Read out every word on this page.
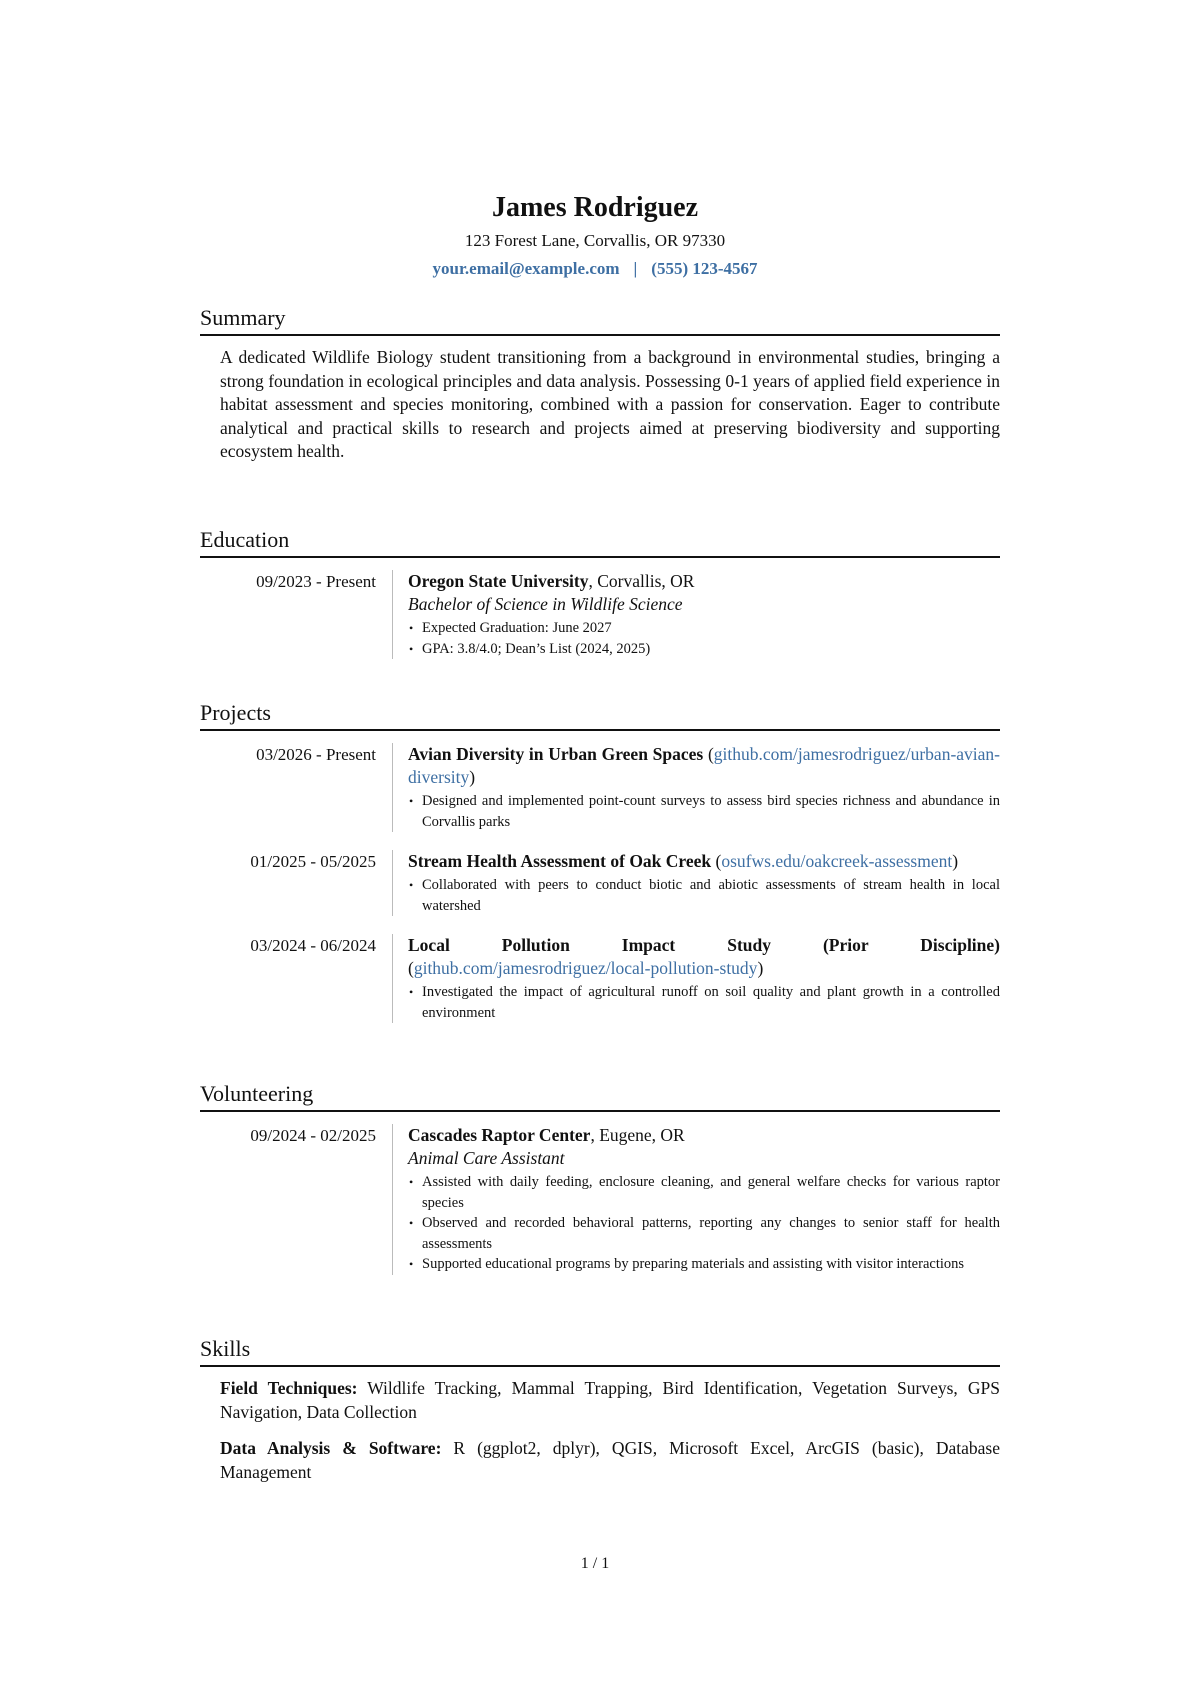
James Rodriguez
123 Forest Lane, Corvallis, OR 97330
your.email@example.com | (555) 123-4567
Summary
A dedicated Wildlife Biology student transitioning from a background in environmental studies, bringing a strong foundation in ecological principles and data analysis. Possessing 0-1 years of applied field experience in habitat assessment and species monitoring, combined with a passion for conservation. Eager to contribute analytical and practical skills to research and projects aimed at preserving biodiversity and supporting ecosystem health.
Education
09/2023 - Present	Oregon State University, Corvallis, OR
Bachelor of Science in Wildlife Science
• Expected Graduation: June 2027
• GPA: 3.8/4.0; Dean’s List (2024, 2025)
Projects
03/2026 - Present	Avian Diversity in Urban Green Spaces (github.com/jamesrodriguez/urban-avian-diversity)
• Designed and implemented point-count surveys to assess bird species richness and abundance in Corvallis parks
01/2025 - 05/2025	Stream Health Assessment of Oak Creek (osufws.edu/oakcreek-assessment)
• Collaborated with peers to conduct biotic and abiotic assessments of stream health in local watershed
03/2024 - 06/2024	Local Pollution Impact Study (Prior Discipline) (github.com/jamesrodriguez/local-pollution-study)
• Investigated the impact of agricultural runoff on soil quality and plant growth in a controlled environment
Volunteering
09/2024 - 02/2025	Cascades Raptor Center, Eugene, OR
Animal Care Assistant
• Assisted with daily feeding, enclosure cleaning, and general welfare checks for various raptor species
• Observed and recorded behavioral patterns, reporting any changes to senior staff for health assessments
• Supported educational programs by preparing materials and assisting with visitor interactions
Skills
Field Techniques: Wildlife Tracking, Mammal Trapping, Bird Identification, Vegetation Surveys, GPS Navigation, Data Collection
Data Analysis & Software: R (ggplot2, dplyr), QGIS, Microsoft Excel, ArcGIS (basic), Database Management
1 / 1
